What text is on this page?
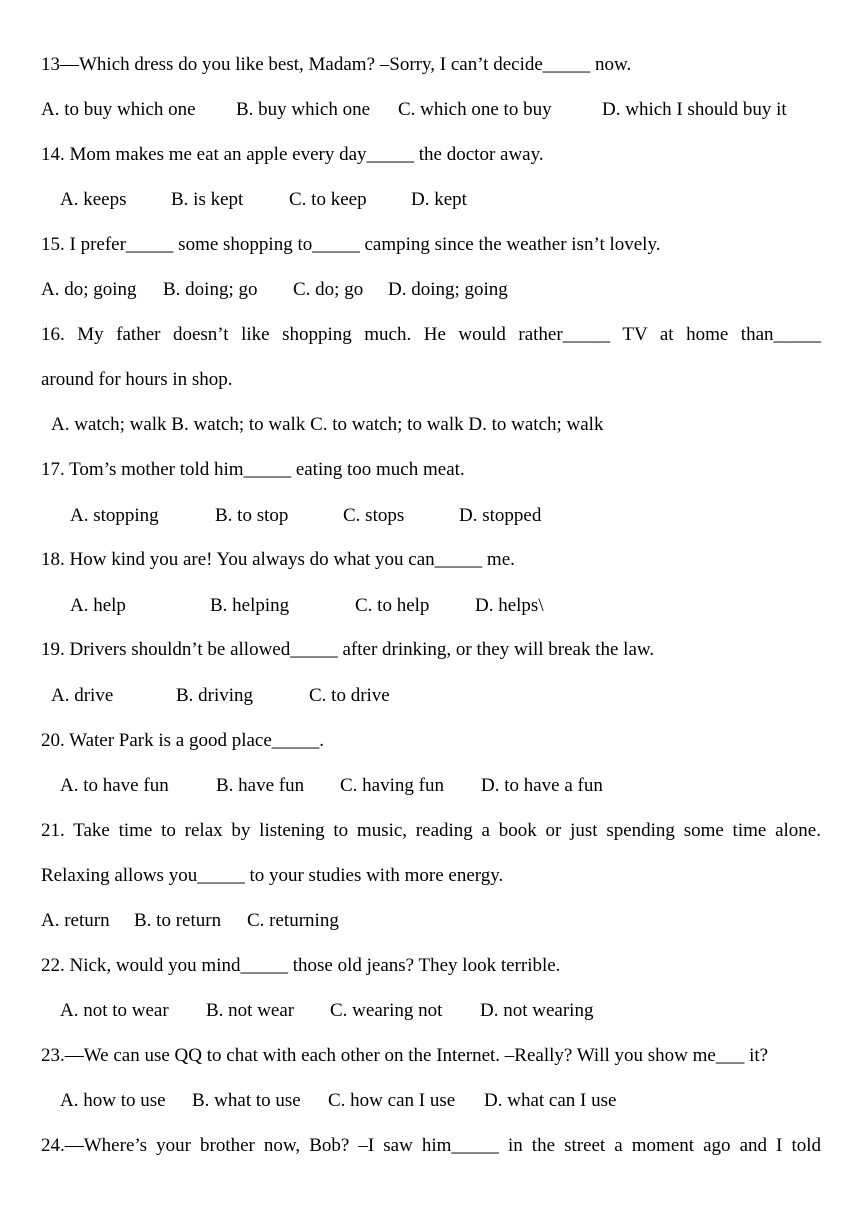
13—Which dress do you like best, Madam? –Sorry, I can’t decide_____ now.
A. to buy which one B. buy which one C. which one to buy	D. which I should buy it
14. Mom makes me eat an apple every day_____ the doctor away.
A. keeps B. is kept C. to keep D. kept
15. I prefer_____ some shopping to_____ camping since the weather isn’t lovely.
A. do; going B. doing; go C. do; go D. doing; going
16. My father doesn’t like shopping much. He would rather_____ TV at home than_____
around for hours in shop.
A. watch; walk B. watch; to walk C. to watch; to walk D. to watch; walk
17. Tom’s mother told him_____ eating too much meat.
A. stopping	B. to stop	C. stops	D. stopped
18. How kind you are! You always do what you can_____ me.
A. help	B. helping	C. to help D. helps\
19. Drivers shouldn’t be allowed_____ after drinking, or they will break the law.
A. drive	B. driving	C. to drive
20. Water Park is a good place_____.
A. to have fun B. have fun C. having fun D. to have a fun
21. Take time to relax by listening to music, reading a book or just spending some time alone.
Relaxing allows you_____ to your studies with more energy.
A. return B. to return C. returning
22. Nick, would you mind_____ those old jeans? They look terrible.
A. not to wear B. not wear C. wearing not D. not wearing
23.—We can use QQ to chat with each other on the Internet. –Really? Will you show me___ it?
A. how to use B. what to use C. how can I use D. what can I use
24.—Where’s your brother now, Bob? –I saw him_____ in the street a moment ago and I told
